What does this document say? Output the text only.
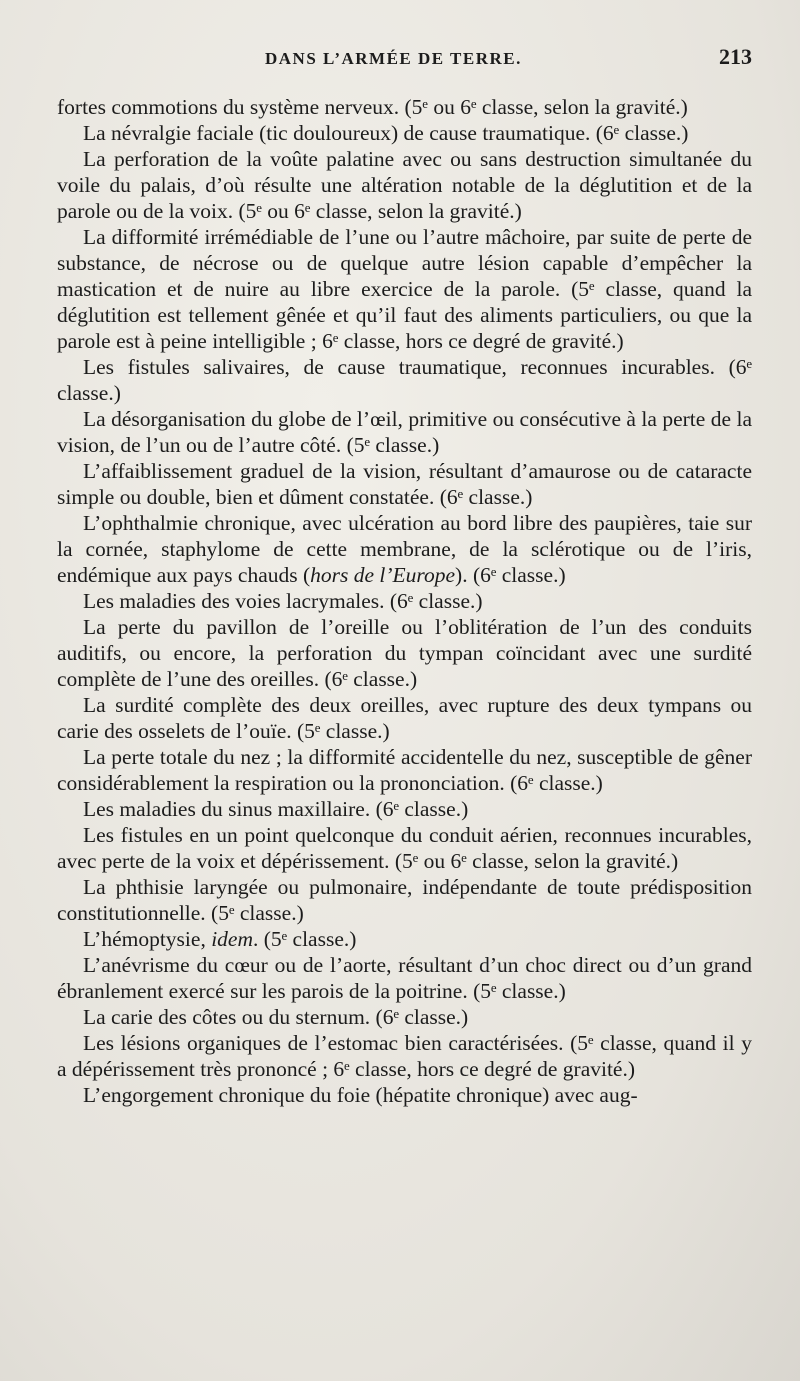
DANS L’ARMÉE DE TERRE.	213

fortes commotions du système nerveux. (5ᵉ ou 6ᵉ classe, selon la gravité.)

La névralgie faciale (tic douloureux) de cause traumatique. (6ᵉ classe.)

La perforation de la voûte palatine avec ou sans destruction simultanée du voile du palais, d’où résulte une altération notable de la déglutition et de la parole ou de la voix. (5ᵉ ou 6ᵉ classe, selon la gravité.)

La difformité irrémédiable de l’une ou l’autre mâchoire, par suite de perte de substance, de nécrose ou de quelque autre lésion capable d’empêcher la mastication et de nuire au libre exercice de la parole. (5ᵉ classe, quand la déglutition est tellement gênée et qu’il faut des aliments particuliers, ou que la parole est à peine intelligible ; 6ᵉ classe, hors ce degré de gravité.)

Les fistules salivaires, de cause traumatique, reconnues incurables. (6ᵉ classe.)

La désorganisation du globe de l’œil, primitive ou consécutive à la perte de la vision, de l’un ou de l’autre côté. (5ᵉ classe.)

L’affaiblissement graduel de la vision, résultant d’amaurose ou de cataracte simple ou double, bien et dûment constatée. (6ᵉ classe.)

L’ophthalmie chronique, avec ulcération au bord libre des paupières, taie sur la cornée, staphylome de cette membrane, de la sclérotique ou de l’iris, endémique aux pays chauds (hors de l’Europe). (6ᵉ classe.)

Les maladies des voies lacrymales. (6ᵉ classe.)

La perte du pavillon de l’oreille ou l’oblitération de l’un des conduits auditifs, ou encore, la perforation du tympan coïncidant avec une surdité complète de l’une des oreilles. (6ᵉ classe.)

La surdité complète des deux oreilles, avec rupture des deux tympans ou carie des osselets de l’ouïe. (5ᵉ classe.)

La perte totale du nez ; la difformité accidentelle du nez, susceptible de gêner considérablement la respiration ou la prononciation. (6ᵉ classe.)

Les maladies du sinus maxillaire. (6ᵉ classe.)

Les fistules en un point quelconque du conduit aérien, reconnues incurables, avec perte de la voix et dépérissement. (5ᵉ ou 6ᵉ classe, selon la gravité.)

La phthisie laryngée ou pulmonaire, indépendante de toute prédisposition constitutionnelle. (5ᵉ classe.)

L’hémoptysie, idem. (5ᵉ classe.)

L’anévrisme du cœur ou de l’aorte, résultant d’un choc direct ou d’un grand ébranlement exercé sur les parois de la poitrine. (5ᵉ classe.)

La carie des côtes ou du sternum. (6ᵉ classe.)

Les lésions organiques de l’estomac bien caractérisées. (5ᵉ classe, quand il y a dépérissement très prononcé ; 6ᵉ classe, hors ce degré de gravité.)

L’engorgement chronique du foie (hépatite chronique) avec aug-
